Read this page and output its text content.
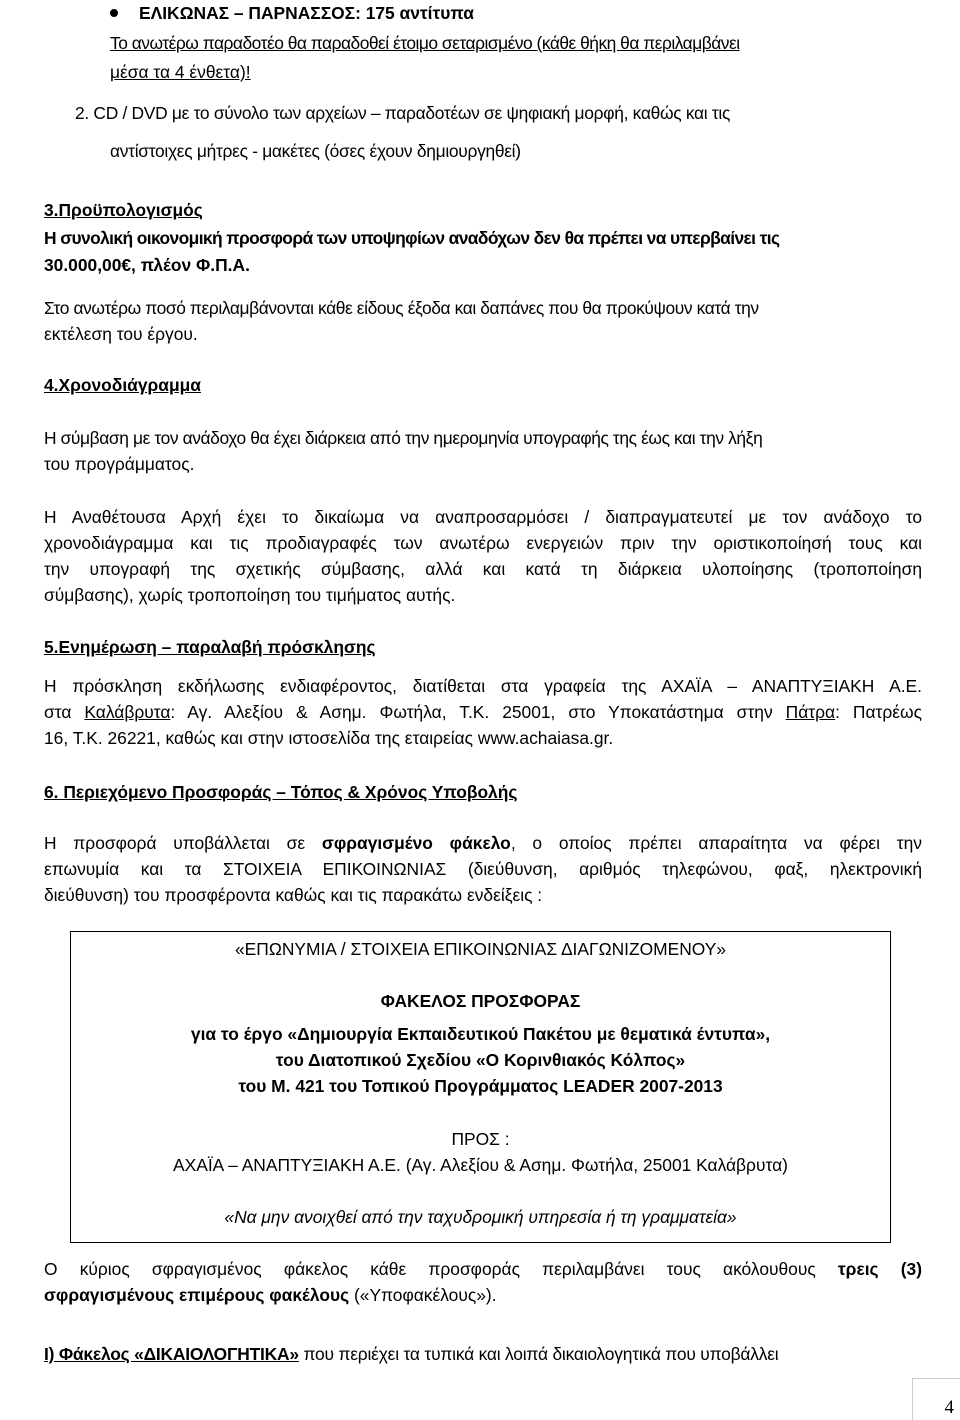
ΕΛΙΚΩΝΑΣ – ΠΑΡΝΑΣΣΟΣ: 175 αντίτυπα
Το ανωτέρω παραδοτέο θα παραδοθεί έτοιμο σεταρισμένο (κάθε θήκη θα περιλαμβάνει
μέσα τα 4 ένθετα)!
2. CD / DVD με το σύνολο των αρχείων – παραδοτέων σε ψηφιακή μορφή, καθώς και τις
αντίστοιχες μήτρες - μακέτες (όσες έχουν δημιουργηθεί)
3.Προϋπολογισμός
Η συνολική οικονομική προσφορά των υποψηφίων αναδόχων δεν θα πρέπει να υπερβαίνει τις
30.000,00€, πλέον Φ.Π.Α.
Στο ανωτέρω ποσό περιλαμβάνονται κάθε είδους έξοδα και δαπάνες που θα προκύψουν κατά την
εκτέλεση του έργου.
4.Χρονοδιάγραμμα
Η σύμβαση με τον ανάδοχο θα έχει διάρκεια από την ημερομηνία υπογραφής της έως και την λήξη
του προγράμματος.
Η Αναθέτουσα Αρχή έχει το δικαίωμα να αναπροσαρμόσει / διαπραγματευτεί με τον ανάδοχο το
χρονοδιάγραμμα και τις προδιαγραφές των ανωτέρω ενεργειών πριν την οριστικοποίησή τους και
την υπογραφή της σχετικής σύμβασης, αλλά και κατά τη διάρκεια υλοποίησης (τροποποίηση
σύμβασης), χωρίς τροποποίηση του τιμήματος αυτής.
5.Ενημέρωση – παραλαβή πρόσκλησης
Η πρόσκληση εκδήλωσης ενδιαφέροντος, διατίθεται στα γραφεία της ΑΧΑΪΑ – ΑΝΑΠΤΥΞΙΑΚΗ Α.Ε.
στα Καλάβρυτα: Αγ. Αλεξίου & Ασημ. Φωτήλα, Τ.Κ. 25001, στο Υποκατάστημα στην Πάτρα: Πατρέως
16, Τ.Κ. 26221, καθώς και στην ιστοσελίδα της εταιρείας www.achaiasa.gr.
6. Περιεχόμενο Προσφοράς – Τόπος & Χρόνος Υποβολής
Η προσφορά υποβάλλεται σε σφραγισμένο φάκελο, ο οποίος πρέπει απαραίτητα να φέρει την
επωνυμία και τα ΣΤΟΙΧΕΙΑ ΕΠΙΚΟΙΝΩΝΙΑΣ (διεύθυνση, αριθμός τηλεφώνου, φαξ, ηλεκτρονική
διεύθυνση) του προσφέροντα καθώς και τις παρακάτω ενδείξεις :
«ΕΠΩΝΥΜΙΑ / ΣΤΟΙΧΕΙΑ ΕΠΙΚΟΙΝΩΝΙΑΣ ΔΙΑΓΩΝΙΖΟΜΕΝΟΥ»
ΦΑΚΕΛΟΣ ΠΡΟΣΦΟΡΑΣ
για το έργο «Δημιουργία Εκπαιδευτικού Πακέτου με θεματικά έντυπα»,
του Διατοπικού Σχεδίου «Ο Κορινθιακός Κόλπος»
του Μ. 421 του Τοπικού Προγράμματος LEADER 2007-2013
ΠΡΟΣ :
ΑΧΑΪΑ – ΑΝΑΠΤΥΞΙΑΚΗ Α.Ε. (Αγ. Αλεξίου & Ασημ. Φωτήλα, 25001 Καλάβρυτα)
«Να μην ανοιχθεί από την ταχυδρομική υπηρεσία ή τη γραμματεία»
Ο κύριος σφραγισμένος φάκελος κάθε προσφοράς περιλαμβάνει τους ακόλουθους τρεις (3)
σφραγισμένους επιμέρους φακέλους («Υποφακέλους»).
Ι) Φάκελος «ΔΙΚΑΙΟΛΟΓΗΤΙΚΑ» που περιέχει τα τυπικά και λοιπά δικαιολογητικά που υποβάλλει
4
